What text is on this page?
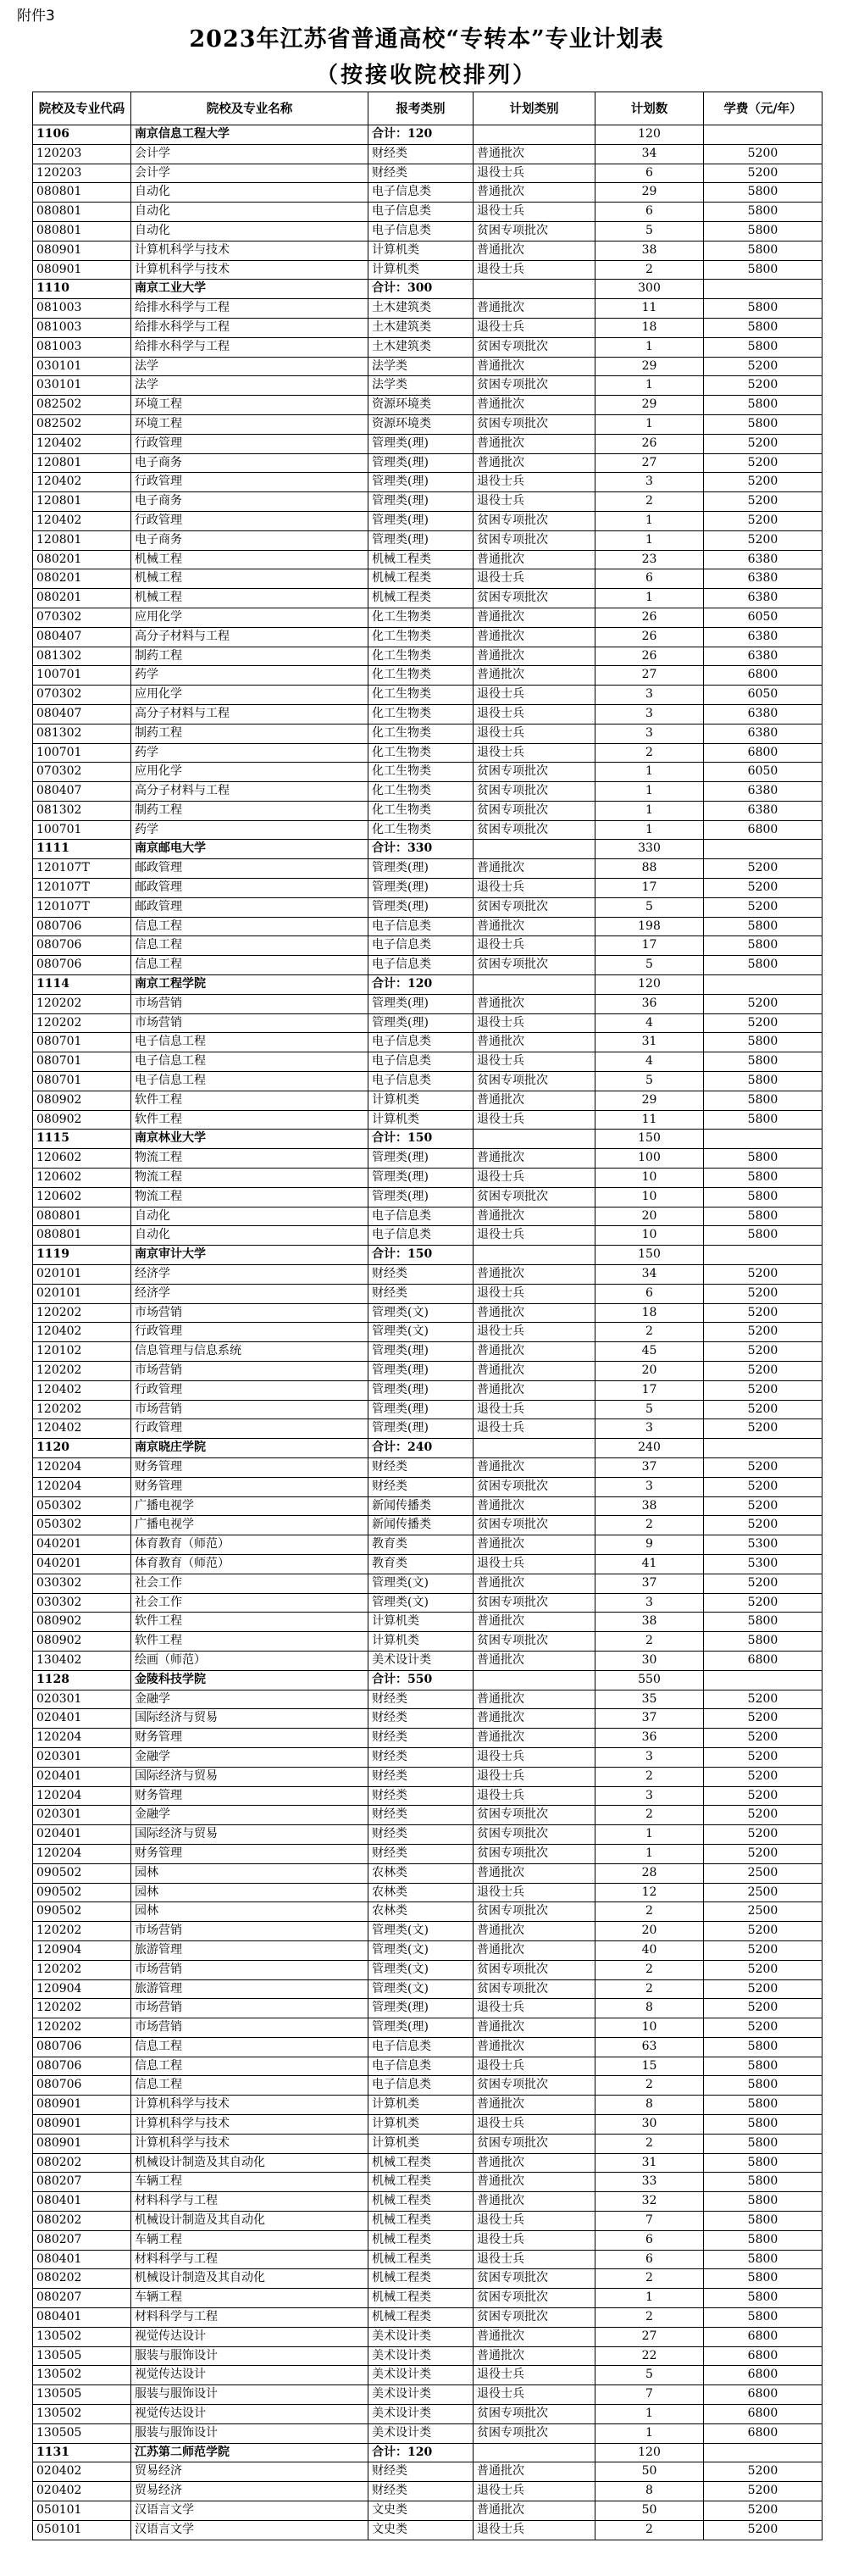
附件3
2023年江苏省普通高校“专转本”专业计划表
（按接收院校排列）
院校及专业代码	院校及专业名称	报考类别	计划类别	计划数	学费（元/年）
1106	南京信息工程大学	合计：120		120	
120203	会计学	财经类	普通批次	34	5200
120203	会计学	财经类	退役士兵	6	5200
080801	自动化	电子信息类	普通批次	29	5800
080801	自动化	电子信息类	退役士兵	6	5800
080801	自动化	电子信息类	贫困专项批次	5	5800
080901	计算机科学与技术	计算机类	普通批次	38	5800
080901	计算机科学与技术	计算机类	退役士兵	2	5800
1110	南京工业大学	合计：300		300	
081003	给排水科学与工程	土木建筑类	普通批次	11	5800
081003	给排水科学与工程	土木建筑类	退役士兵	18	5800
081003	给排水科学与工程	土木建筑类	贫困专项批次	1	5800
030101	法学	法学类	普通批次	29	5200
030101	法学	法学类	贫困专项批次	1	5200
082502	环境工程	资源环境类	普通批次	29	5800
082502	环境工程	资源环境类	贫困专项批次	1	5800
120402	行政管理	管理类(理)	普通批次	26	5200
120801	电子商务	管理类(理)	普通批次	27	5200
120402	行政管理	管理类(理)	退役士兵	3	5200
120801	电子商务	管理类(理)	退役士兵	2	5200
120402	行政管理	管理类(理)	贫困专项批次	1	5200
120801	电子商务	管理类(理)	贫困专项批次	1	5200
080201	机械工程	机械工程类	普通批次	23	6380
080201	机械工程	机械工程类	退役士兵	6	6380
080201	机械工程	机械工程类	贫困专项批次	1	6380
070302	应用化学	化工生物类	普通批次	26	6050
080407	高分子材料与工程	化工生物类	普通批次	26	6380
081302	制药工程	化工生物类	普通批次	26	6380
100701	药学	化工生物类	普通批次	27	6800
070302	应用化学	化工生物类	退役士兵	3	6050
080407	高分子材料与工程	化工生物类	退役士兵	3	6380
081302	制药工程	化工生物类	退役士兵	3	6380
100701	药学	化工生物类	退役士兵	2	6800
070302	应用化学	化工生物类	贫困专项批次	1	6050
080407	高分子材料与工程	化工生物类	贫困专项批次	1	6380
081302	制药工程	化工生物类	贫困专项批次	1	6380
100701	药学	化工生物类	贫困专项批次	1	6800
1111	南京邮电大学	合计：330		330	
120107T	邮政管理	管理类(理)	普通批次	88	5200
120107T	邮政管理	管理类(理)	退役士兵	17	5200
120107T	邮政管理	管理类(理)	贫困专项批次	5	5200
080706	信息工程	电子信息类	普通批次	198	5800
080706	信息工程	电子信息类	退役士兵	17	5800
080706	信息工程	电子信息类	贫困专项批次	5	5800
1114	南京工程学院	合计：120		120	
120202	市场营销	管理类(理)	普通批次	36	5200
120202	市场营销	管理类(理)	退役士兵	4	5200
080701	电子信息工程	电子信息类	普通批次	31	5800
080701	电子信息工程	电子信息类	退役士兵	4	5800
080701	电子信息工程	电子信息类	贫困专项批次	5	5800
080902	软件工程	计算机类	普通批次	29	5800
080902	软件工程	计算机类	退役士兵	11	5800
1115	南京林业大学	合计：150		150	
120602	物流工程	管理类(理)	普通批次	100	5800
120602	物流工程	管理类(理)	退役士兵	10	5800
120602	物流工程	管理类(理)	贫困专项批次	10	5800
080801	自动化	电子信息类	普通批次	20	5800
080801	自动化	电子信息类	退役士兵	10	5800
1119	南京审计大学	合计：150		150	
020101	经济学	财经类	普通批次	34	5200
020101	经济学	财经类	退役士兵	6	5200
120202	市场营销	管理类(文)	普通批次	18	5200
120402	行政管理	管理类(文)	退役士兵	2	5200
120102	信息管理与信息系统	管理类(理)	普通批次	45	5200
120202	市场营销	管理类(理)	普通批次	20	5200
120402	行政管理	管理类(理)	普通批次	17	5200
120202	市场营销	管理类(理)	退役士兵	5	5200
120402	行政管理	管理类(理)	退役士兵	3	5200
1120	南京晓庄学院	合计：240		240	
120204	财务管理	财经类	普通批次	37	5200
120204	财务管理	财经类	贫困专项批次	3	5200
050302	广播电视学	新闻传播类	普通批次	38	5200
050302	广播电视学	新闻传播类	贫困专项批次	2	5200
040201	体育教育（师范）	教育类	普通批次	9	5300
040201	体育教育（师范）	教育类	退役士兵	41	5300
030302	社会工作	管理类(文)	普通批次	37	5200
030302	社会工作	管理类(文)	贫困专项批次	3	5200
080902	软件工程	计算机类	普通批次	38	5800
080902	软件工程	计算机类	贫困专项批次	2	5800
130402	绘画（师范）	美术设计类	普通批次	30	6800
1128	金陵科技学院	合计：550		550	
020301	金融学	财经类	普通批次	35	5200
020401	国际经济与贸易	财经类	普通批次	37	5200
120204	财务管理	财经类	普通批次	36	5200
020301	金融学	财经类	退役士兵	3	5200
020401	国际经济与贸易	财经类	退役士兵	2	5200
120204	财务管理	财经类	退役士兵	3	5200
020301	金融学	财经类	贫困专项批次	2	5200
020401	国际经济与贸易	财经类	贫困专项批次	1	5200
120204	财务管理	财经类	贫困专项批次	1	5200
090502	园林	农林类	普通批次	28	2500
090502	园林	农林类	退役士兵	12	2500
090502	园林	农林类	贫困专项批次	2	2500
120202	市场营销	管理类(文)	普通批次	20	5200
120904	旅游管理	管理类(文)	普通批次	40	5200
120202	市场营销	管理类(文)	贫困专项批次	2	5200
120904	旅游管理	管理类(文)	贫困专项批次	2	5200
120202	市场营销	管理类(理)	退役士兵	8	5200
120202	市场营销	管理类(理)	普通批次	10	5200
080706	信息工程	电子信息类	普通批次	63	5800
080706	信息工程	电子信息类	退役士兵	15	5800
080706	信息工程	电子信息类	贫困专项批次	2	5800
080901	计算机科学与技术	计算机类	普通批次	8	5800
080901	计算机科学与技术	计算机类	退役士兵	30	5800
080901	计算机科学与技术	计算机类	贫困专项批次	2	5800
080202	机械设计制造及其自动化	机械工程类	普通批次	31	5800
080207	车辆工程	机械工程类	普通批次	33	5800
080401	材料科学与工程	机械工程类	普通批次	32	5800
080202	机械设计制造及其自动化	机械工程类	退役士兵	7	5800
080207	车辆工程	机械工程类	退役士兵	6	5800
080401	材料科学与工程	机械工程类	退役士兵	6	5800
080202	机械设计制造及其自动化	机械工程类	贫困专项批次	2	5800
080207	车辆工程	机械工程类	贫困专项批次	1	5800
080401	材料科学与工程	机械工程类	贫困专项批次	2	5800
130502	视觉传达设计	美术设计类	普通批次	27	6800
130505	服装与服饰设计	美术设计类	普通批次	22	6800
130502	视觉传达设计	美术设计类	退役士兵	5	6800
130505	服装与服饰设计	美术设计类	退役士兵	7	6800
130502	视觉传达设计	美术设计类	贫困专项批次	1	6800
130505	服装与服饰设计	美术设计类	贫困专项批次	1	6800
1131	江苏第二师范学院	合计：120		120	
020402	贸易经济	财经类	普通批次	50	5200
020402	贸易经济	财经类	退役士兵	8	5200
050101	汉语言文学	文史类	普通批次	50	5200
050101	汉语言文学	文史类	退役士兵	2	5200
